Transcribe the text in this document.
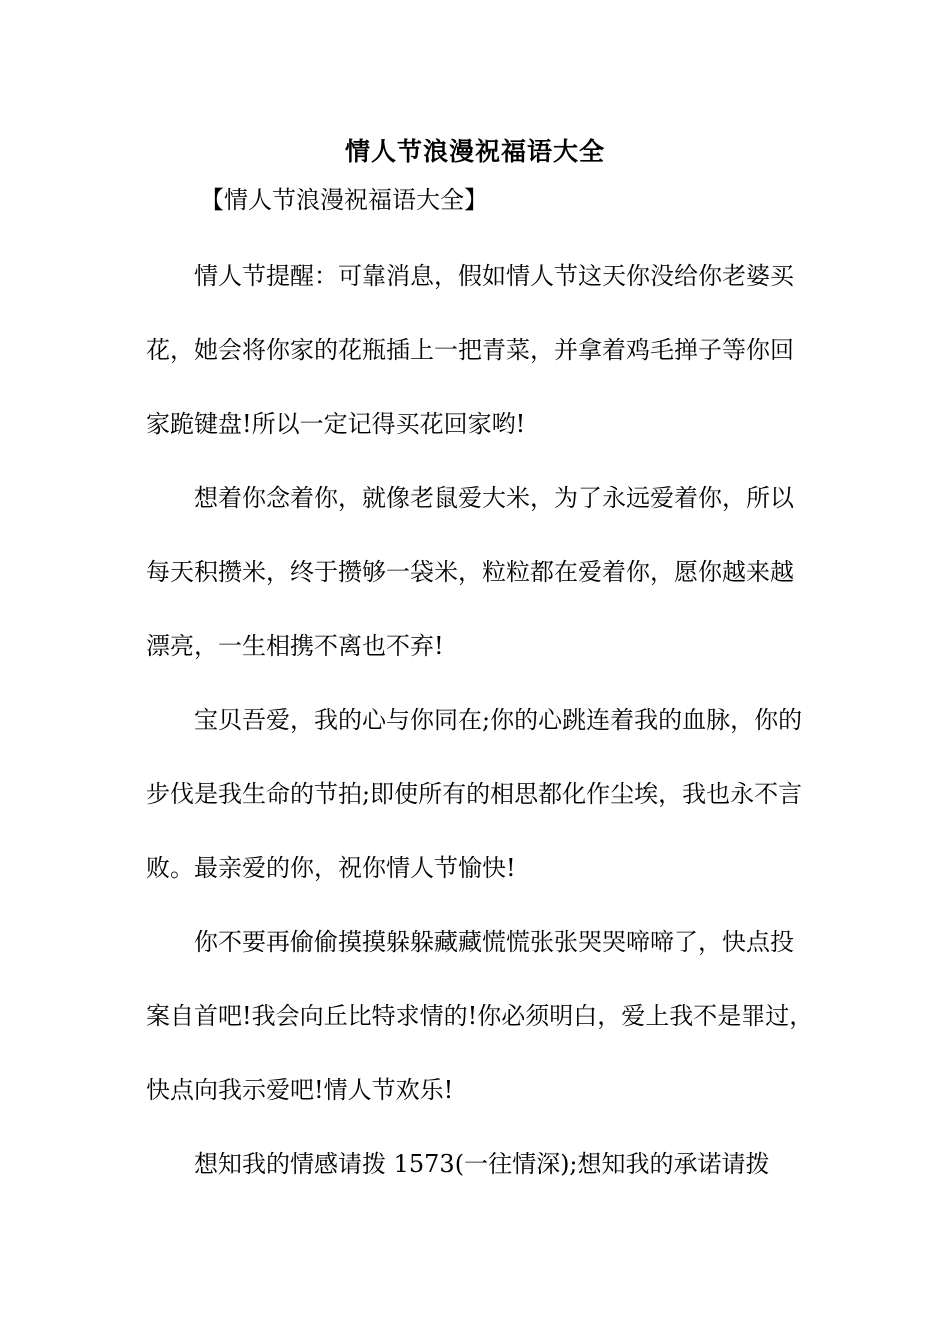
情人节浪漫祝福语大全
【情人节浪漫祝福语大全】
情人节提醒：可靠消息，假如情人节这天你没给你老婆买
花，她会将你家的花瓶插上一把青菜，并拿着鸡毛掸子等你回
家跪键盘!所以一定记得买花回家哟!
想着你念着你，就像老鼠爱大米，为了永远爱着你，所以
每天积攒米，终于攒够一袋米，粒粒都在爱着你，愿你越来越
漂亮，一生相携不离也不弃!
宝贝吾爱，我的心与你同在;你的心跳连着我的血脉，你的
步伐是我生命的节拍;即使所有的相思都化作尘埃，我也永不言
败。最亲爱的你，祝你情人节愉快!
你不要再偷偷摸摸躲躲藏藏慌慌张张哭哭啼啼了，快点投
案自首吧!我会向丘比特求情的!你必须明白，爱上我不是罪过，
快点向我示爱吧!情人节欢乐!
想知我的情感请拨 1573(一往情深);想知我的承诺请拨
